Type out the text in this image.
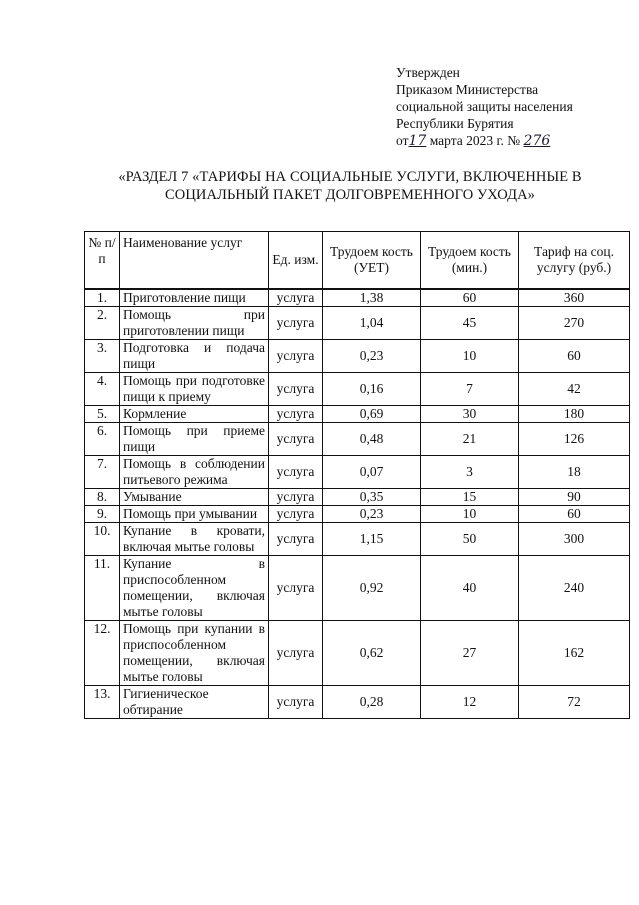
Утвержден
Приказом Министерства
социальной защиты населения
Республики Бурятия
от17 марта 2023 г. № 276
«РАЗДЕЛ 7 «ТАРИФЫ НА СОЦИАЛЬНЫЕ УСЛУГИ, ВКЛЮЧЕННЫЕ В
СОЦИАЛЬНЫЙ ПАКЕТ ДОЛГОВРЕМЕННОГО УХОДА»
№ п/п	Наименование услуг	Ед. изм.	Трудоем кость (УЕТ)	Трудоем кость (мин.)	Тариф на соц. услугу (руб.)
1.	Приготовление пищи	услуга	1,38	60	360
2.	Помощь при приготовлении пищи	услуга	1,04	45	270
3.	Подготовка и подача пищи	услуга	0,23	10	60
4.	Помощь при подготовке пищи к приему	услуга	0,16	7	42
5.	Кормление	услуга	0,69	30	180
6.	Помощь при приеме пищи	услуга	0,48	21	126
7.	Помощь в соблюдении питьевого режима	услуга	0,07	3	18
8.	Умывание	услуга	0,35	15	90
9.	Помощь при умывании	услуга	0,23	10	60
10.	Купание в кровати, включая мытье головы	услуга	1,15	50	300
11.	Купание в приспособленном помещении, включая мытье головы	услуга	0,92	40	240
12.	Помощь при купании в приспособленном помещении, включая мытье головы	услуга	0,62	27	162
13.	Гигиеническое обтирание	услуга	0,28	12	72
